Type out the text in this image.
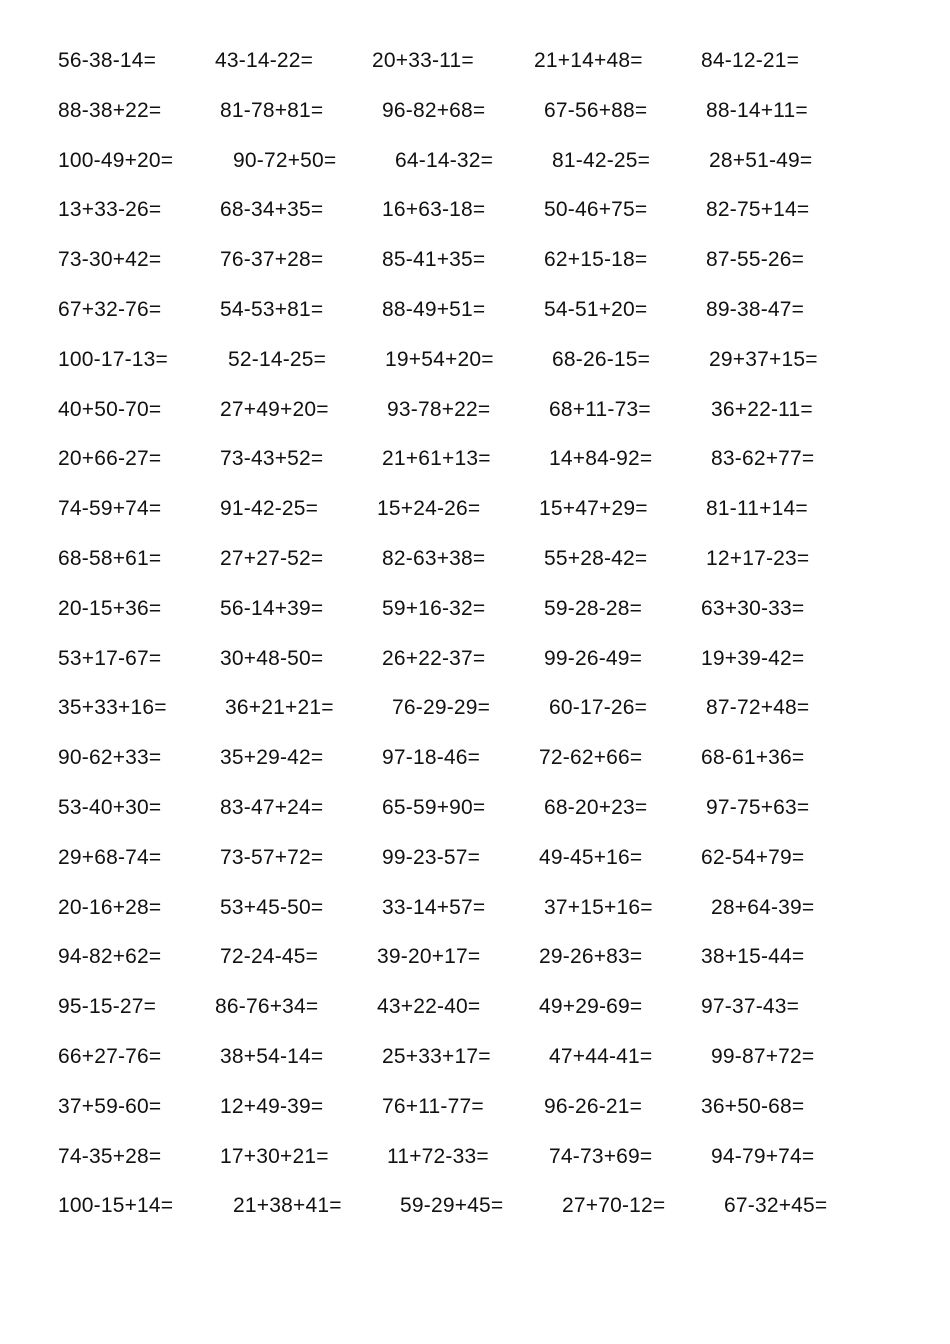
56-38-14=	43-14-22=	20+33-11=	21+14+48=	84-12-21=
88-38+22=	81-78+81=	96-82+68=	67-56+88=	88-14+11=
100-49+20=	90-72+50=	64-14-32=	81-42-25=	28+51-49=
13+33-26=	68-34+35=	16+63-18=	50-46+75=	82-75+14=
73-30+42=	76-37+28=	85-41+35=	62+15-18=	87-55-26=
67+32-76=	54-53+81=	88-49+51=	54-51+20=	89-38-47=
100-17-13=	52-14-25=	19+54+20=	68-26-15=	29+37+15=
40+50-70=	27+49+20=	93-78+22=	68+11-73=	36+22-11=
20+66-27=	73-43+52=	21+61+13=	14+84-92=	83-62+77=
74-59+74=	91-42-25=	15+24-26=	15+47+29=	81-11+14=
68-58+61=	27+27-52=	82-63+38=	55+28-42=	12+17-23=
20-15+36=	56-14+39=	59+16-32=	59-28-28=	63+30-33=
53+17-67=	30+48-50=	26+22-37=	99-26-49=	19+39-42=
35+33+16=	36+21+21=	76-29-29=	60-17-26=	87-72+48=
90-62+33=	35+29-42=	97-18-46=	72-62+66=	68-61+36=
53-40+30=	83-47+24=	65-59+90=	68-20+23=	97-75+63=
29+68-74=	73-57+72=	99-23-57=	49-45+16=	62-54+79=
20-16+28=	53+45-50=	33-14+57=	37+15+16=	28+64-39=
94-82+62=	72-24-45=	39-20+17=	29-26+83=	38+15-44=
95-15-27=	86-76+34=	43+22-40=	49+29-69=	97-37-43=
66+27-76=	38+54-14=	25+33+17=	47+44-41=	99-87+72=
37+59-60=	12+49-39=	76+11-77=	96-26-21=	36+50-68=
74-35+28=	17+30+21=	11+72-33=	74-73+69=	94-79+74=
100-15+14=	21+38+41=	59-29+45=	27+70-12=	67-32+45=
